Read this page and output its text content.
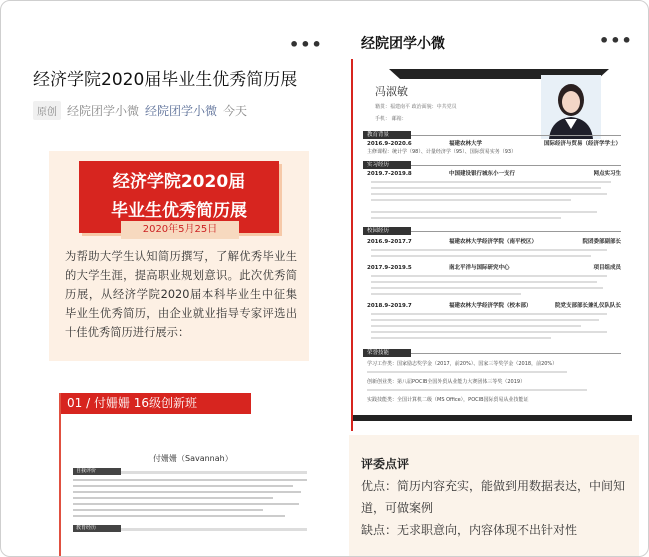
•••
经济学院2020届毕业生优秀简历展
原创 经院团学小微 经院团学小微 今天
经济学院2020届
毕业生优秀简历展
2020年5月25日
为帮助大学生认知简历撰写，了解优秀毕业生的大学生涯，提高职业规划意识。此次优秀简历展，从经济学院2020届本科毕业生中征集毕业生优秀简历，由企业就业指导专家评选出十佳优秀简历进行展示：
01 / 付姗姗 16级创新班
付姗姗（Savannah）
自我评价
教育经历
经院团学小微	•••
冯淑敏
籍贯：福建南平 政治面貌：中共党员
手机： 邮箱：
教育背景
2016.9-2020.6	福建农林大学	国际经济与贸易（经济学学士）
主修课程：统计学（98）、计量经济学（95）、国际贸易实务（93）
实习经历
2019.7-2019.8	中国建设银行城东小一支行	网点实习生
校园经历
2016.9-2017.7	福建农林大学经济学院（南平校区）	院团委部副部长
2017.9-2019.5	南北平洋与国际研究中心	项目组成员
2018.9-2019.7	福建农林大学经济学院（校本部）	院党支部部长兼礼仪队队长
荣誉技能
学习工作类：国家励志奖学金（2017，前20%）、国家三等奖学金（2018，前20%）
创新创业类：第八届POCIB全国外贸从业能力大赛团体三等奖（2019）
实践技能类：全国计算机二级（MS Office），POCIB国际贸易从业技能证
评委点评
优点：简历内容充实，能做到用数据表达，中间知道，可做案例
缺点：无求职意向，内容体现不出针对性
